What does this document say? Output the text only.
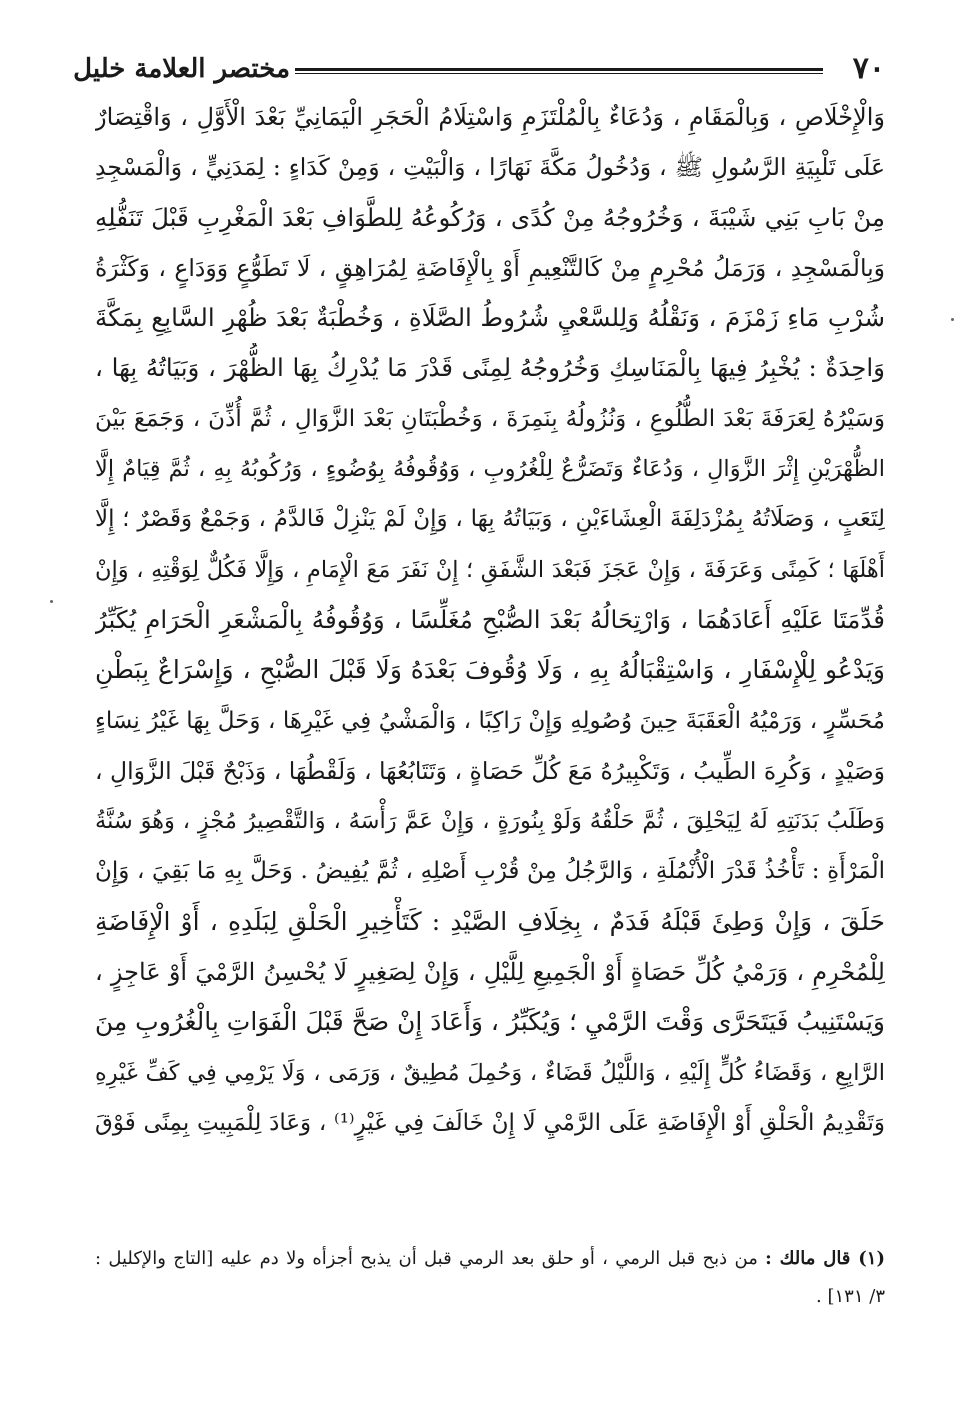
٧٠
مختصر العلامة خليل
وَالْإِخْلَاصِ ، وَبِالْمَقَامِ ، وَدُعَاءٌ بِالْمُلْتَزَمِ وَاسْتِلَامُ الْحَجَرِ الْيَمَانِيِّ بَعْدَ الْأَوَّلِ ، وَاقْتِصَارٌ
عَلَى تَلْبِيَةِ الرَّسُولِ ﷺ ، وَدُخُولُ مَكَّةَ نَهَارًا ، وَالْبَيْتِ ، وَمِنْ كَدَاءٍ : لِمَدَنِيٍّ ، وَالْمَسْجِدِ
مِنْ بَابِ بَنِي شَيْبَةَ ، وَخُرُوجُهُ مِنْ كُدًى ، وَرُكُوعُهُ لِلطَّوَافِ بَعْدَ الْمَغْرِبِ قَبْلَ تَنَفُّلِهِ
وَبِالْمَسْجِدِ ، وَرَمَلُ مُحْرِمٍ مِنْ كَالتَّنْعِيمِ أَوْ بِالْإِفَاضَةِ لِمُرَاهِقٍ ، لَا تَطَوُّعٍ وَوَدَاعٍ ، وَكَثْرَةُ
شُرْبِ مَاءِ زَمْزَمَ ، وَنَقْلُهُ وَلِلسَّعْيِ شُرُوطُ الصَّلَاةِ ، وَخُطْبَةٌ بَعْدَ ظُهْرِ السَّابِعِ بِمَكَّةَ
وَاحِدَةٌ : يُخْبِرُ فِيهَا بِالْمَنَاسِكِ وَخُرُوجُهُ لِمِنًى قَدْرَ مَا يُدْرِكُ بِهَا الظُّهْرَ ، وَبَيَاتُهُ بِهَا ،
وَسَيْرُهُ لِعَرَفَةَ بَعْدَ الطُّلُوعِ ، وَنُزُولُهُ بِنَمِرَةَ ، وَخُطْبَتَانِ بَعْدَ الزَّوَالِ ، ثُمَّ أُذِّنَ ، وَجَمَعَ بَيْنَ
الظُّهْرَيْنِ إِثْرَ الزَّوَالِ ، وَدُعَاءٌ وَتَضَرُّعٌ لِلْغُرُوبِ ، وَوُقُوفُهُ بِوُضُوءٍ ، وَرُكُوبُهُ بِهِ ، ثُمَّ قِيَامٌ إِلَّا
لِتَعَبٍ ، وَصَلَاتُهُ بِمُزْدَلِفَةَ الْعِشَاءَيْنِ ، وَبَيَاتُهُ بِهَا ، وَإِنْ لَمْ يَنْزِلْ فَالدَّمُ ، وَجَمْعٌ وَقَصْرٌ ؛ إِلَّا
أَهْلَهَا ؛ كَمِنًى وَعَرَفَةَ ، وَإِنْ عَجَزَ فَبَعْدَ الشَّفَقِ ؛ إِنْ نَفَرَ مَعَ الْإِمَامِ ، وَإِلَّا فَكُلٌّ لِوَقْتِهِ ، وَإِنْ
قُدِّمَتَا عَلَيْهِ أَعَادَهُمَا ، وَارْتِحَالُهُ بَعْدَ الصُّبْحِ مُغَلِّسًا ، وَوُقُوفُهُ بِالْمَشْعَرِ الْحَرَامِ يُكَبِّرُ
وَيَدْعُو لِلْإِسْفَارِ ، وَاسْتِقْبَالُهُ بِهِ ، وَلَا وُقُوفَ بَعْدَهُ وَلَا قَبْلَ الصُّبْحِ ، وَإِسْرَاعٌ بِبَطْنِ
مُحَسِّرٍ ، وَرَمْيُهُ الْعَقَبَةَ حِينَ وُصُولِهِ وَإِنْ رَاكِبًا ، وَالْمَشْيُ فِي غَيْرِهَا ، وَحَلَّ بِهَا غَيْرُ نِسَاءٍ
وَصَيْدٍ ، وَكُرِهَ الطِّيبُ ، وَتَكْبِيرُهُ مَعَ كُلِّ حَصَاةٍ ، وَتَتَابُعُهَا ، وَلَقْطُهَا ، وَذَبْحٌ قَبْلَ الزَّوَالِ ،
وَطَلَبُ بَدَنَتِهِ لَهُ لِيَحْلِقَ ، ثُمَّ حَلْقُهُ وَلَوْ بِنُورَةٍ ، وَإِنْ عَمَّ رَأْسَهُ ، وَالتَّقْصِيرُ مُجْزٍ ، وَهُوَ سُنَّةُ
الْمَرْأَةِ : تَأْخُذُ قَدْرَ الْأُنْمُلَةِ ، وَالرَّجُلُ مِنْ قُرْبِ أَصْلِهِ ، ثُمَّ يُفِيضُ . وَحَلَّ بِهِ مَا بَقِيَ ، وَإِنْ
حَلَقَ ، وَإِنْ وَطِئَ قَبْلَهُ فَدَمٌ ، بِخِلَافِ الصَّيْدِ : كَتَأْخِيرِ الْحَلْقِ لِبَلَدِهِ ، أَوْ الْإِفَاضَةِ
لِلْمُحْرِمِ ، وَرَمْيُ كُلِّ حَصَاةٍ أَوْ الْجَمِيعِ لِلَّيْلِ ، وَإِنْ لِصَغِيرٍ لَا يُحْسِنُ الرَّمْيَ أَوْ عَاجِزٍ ،
وَيَسْتَنِيبُ فَيَتَحَرَّى وَقْتَ الرَّمْيِ ؛ وَيُكَبِّرُ ، وَأَعَادَ إِنْ صَحَّ قَبْلَ الْفَوَاتِ بِالْغُرُوبِ مِنَ
الرَّابِعِ ، وَقَضَاءُ كُلٍّ إِلَيْهِ ، وَاللَّيْلُ قَضَاءٌ ، وَحُمِلَ مُطِيقٌ ، وَرَمَى ، وَلَا يَرْمِي فِي كَفِّ غَيْرِهِ
وَتَقْدِيمُ الْحَلْقِ أَوْ الْإِفَاضَةِ عَلَى الرَّمْيِ لَا إِنْ خَالَفَ فِي غَيْرٍ⁽¹⁾ ، وَعَادَ لِلْمَبِيتِ بِمِنًى فَوْقَ
(١) قال مالك : من ذبح قبل الرمي ، أو حلق بعد الرمي قبل أن يذبح أجزأه ولا دم عليه [التاج والإكليل :
٣/ ١٣١] .
